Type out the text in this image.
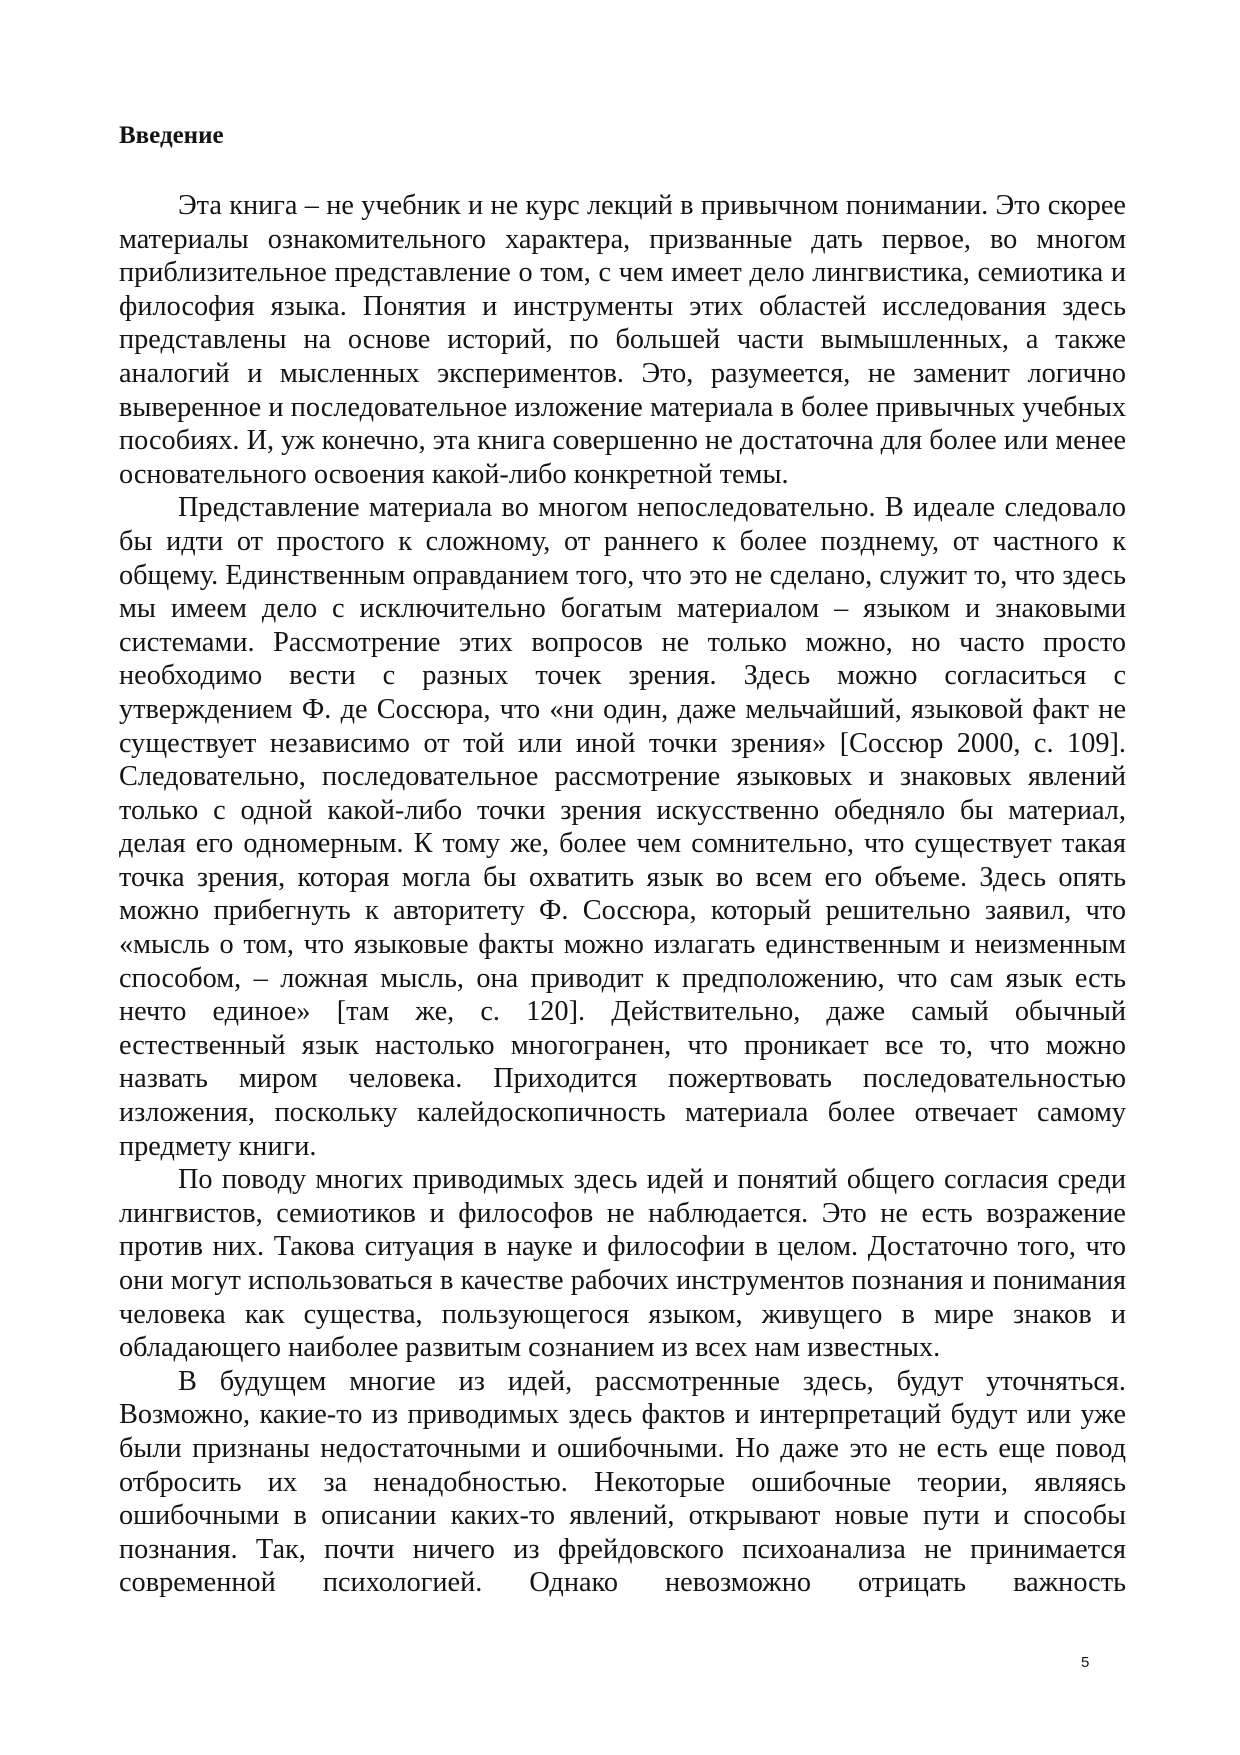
Введение

Эта книга – не учебник и не курс лекций в привычном понимании. Это скорее материалы ознакомительного характера, призванные дать первое, во многом приблизительное представление о том, с чем имеет дело лингвистика, семиотика и философия языка. Понятия и инструменты этих областей исследования здесь представлены на основе историй, по большей части вымышленных, а также аналогий и мысленных экспериментов. Это, разумеется, не заменит логично выверенное и последовательное изложение материала в более привычных учебных пособиях. И, уж конечно, эта книга совершенно не достаточна для более или менее основательного освоения какой-либо конкретной темы.

Представление материала во многом непоследовательно. В идеале следовало бы идти от простого к сложному, от раннего к более позднему, от частного к общему. Единственным оправданием того, что это не сделано, служит то, что здесь мы имеем дело с исключительно богатым материалом – языком и знаковыми системами. Рассмотрение этих вопросов не только можно, но часто просто необходимо вести с разных точек зрения. Здесь можно согласиться с утверждением Ф. де Соссюра, что «ни один, даже мельчайший, языковой факт не существует независимо от той или иной точки зрения» [Соссюр 2000, с. 109]. Следовательно, последовательное рассмотрение языковых и знаковых явлений только с одной какой-либо точки зрения искусственно обедняло бы материал, делая его одномерным. К тому же, более чем сомнительно, что существует такая точка зрения, которая могла бы охватить язык во всем его объеме. Здесь опять можно прибегнуть к авторитету Ф. Соссюра, который решительно заявил, что «мысль о том, что языковые факты можно излагать единственным и неизменным способом, – ложная мысль, она приводит к предположению, что сам язык есть нечто единое» [там же, с. 120]. Действительно, даже самый обычный естественный язык настолько многогранен, что проникает все то, что можно назвать миром человека. Приходится пожертвовать последовательностью изложения, поскольку калейдоскопичность материала более отвечает самому предмету книги.

По поводу многих приводимых здесь идей и понятий общего согласия среди лингвистов, семиотиков и философов не наблюдается. Это не есть возражение против них. Такова ситуация в науке и философии в целом. Достаточно того, что они могут использоваться в качестве рабочих инструментов познания и понимания человека как существа, пользующегося языком, живущего в мире знаков и обладающего наиболее развитым сознанием из всех нам известных.

В будущем многие из идей, рассмотренные здесь, будут уточняться. Возможно, какие-то из приводимых здесь фактов и интерпретаций будут или уже были признаны недостаточными и ошибочными. Но даже это не есть еще повод отбросить их за ненадобностью. Некоторые ошибочные теории, являясь ошибочными в описании каких-то явлений, открывают новые пути и способы познания. Так, почти ничего из фрейдовского психоанализа не принимается современной психологией. Однако невозможно отрицать важность

5
